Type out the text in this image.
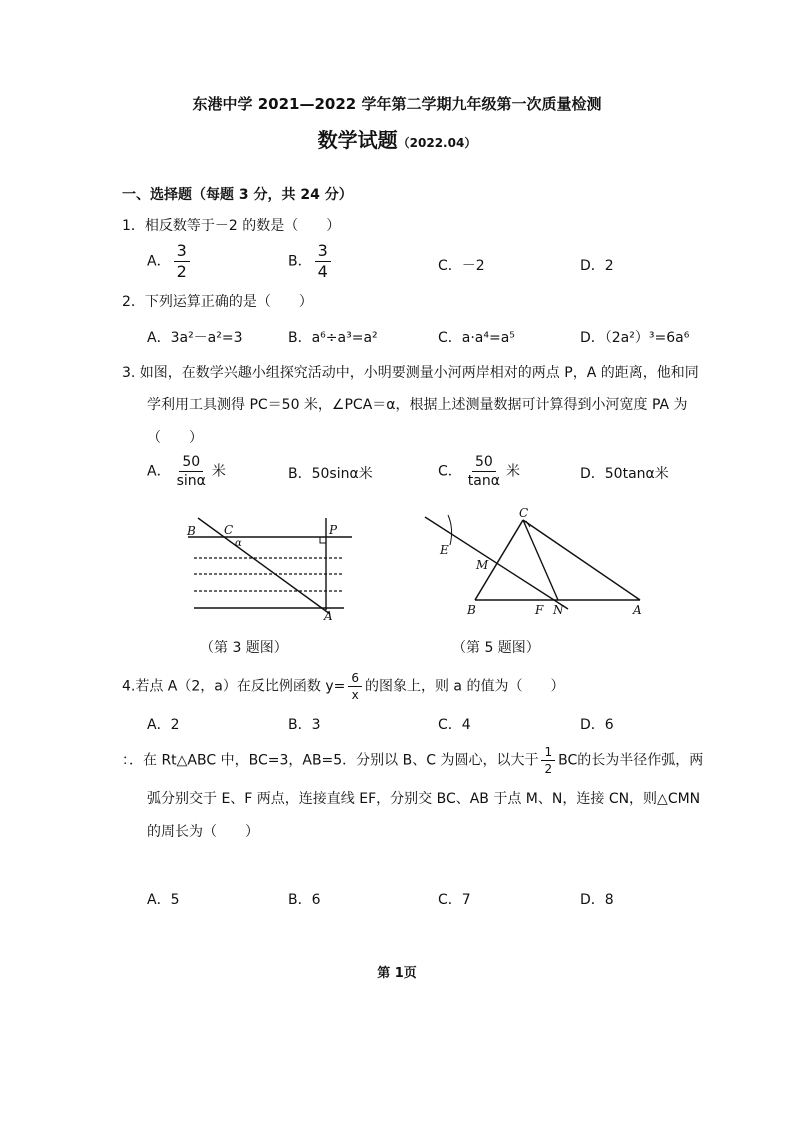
东港中学 2021—2022 学年第二学期九年级第一次质量检测
数学试题（2022.04）
一、选择题（每题 3 分，共 24 分）
1．相反数等于－2 的数是（　　）
A． $\frac{3}{2}$	B． $\frac{3}{4}$	C．－2	D．2
2．下列运算正确的是（　　）
A．3a²－a²=3	B．a⁶÷a³=a²	C．a·a⁴=a⁵	D．（2a²）³=6a⁶
3. 如图，在数学兴趣小组探究活动中，小明要测量小河两岸相对的两点 P，A 的距离，他和同
学利用工具测得 PC＝50 米，∠PCA＝α，根据上述测量数据可计算得到小河宽度 PA 为
（　　）
A． $\frac{50}{\sin\alpha}$ 米	B．50sinα米	C． $\frac{50}{\tan\alpha}$ 米	D．50tanα米
B C
α
P
A
（第 3 题图）
C
E
M
B	F N	A
（第 5 题图）
4.若点 A（2，a）在反比例函数 $y= \frac{6}{x}$ 的图象上，则 a 的值为（　　）
A．2	B．3	C．4	D．6
：．在 Rt△ABC 中，BC=3，AB=5．分别以 B、C 为圆心，以大于 $\frac{1}{2}$ BC的长为半径作弧，两
弧分别交于 E、F 两点，连接直线 EF，分别交 BC、AB 于点 M、N，连接 CN，则△CMN
的周长为（　　）
A．5	B．6	C．7	D．8
第 1页
